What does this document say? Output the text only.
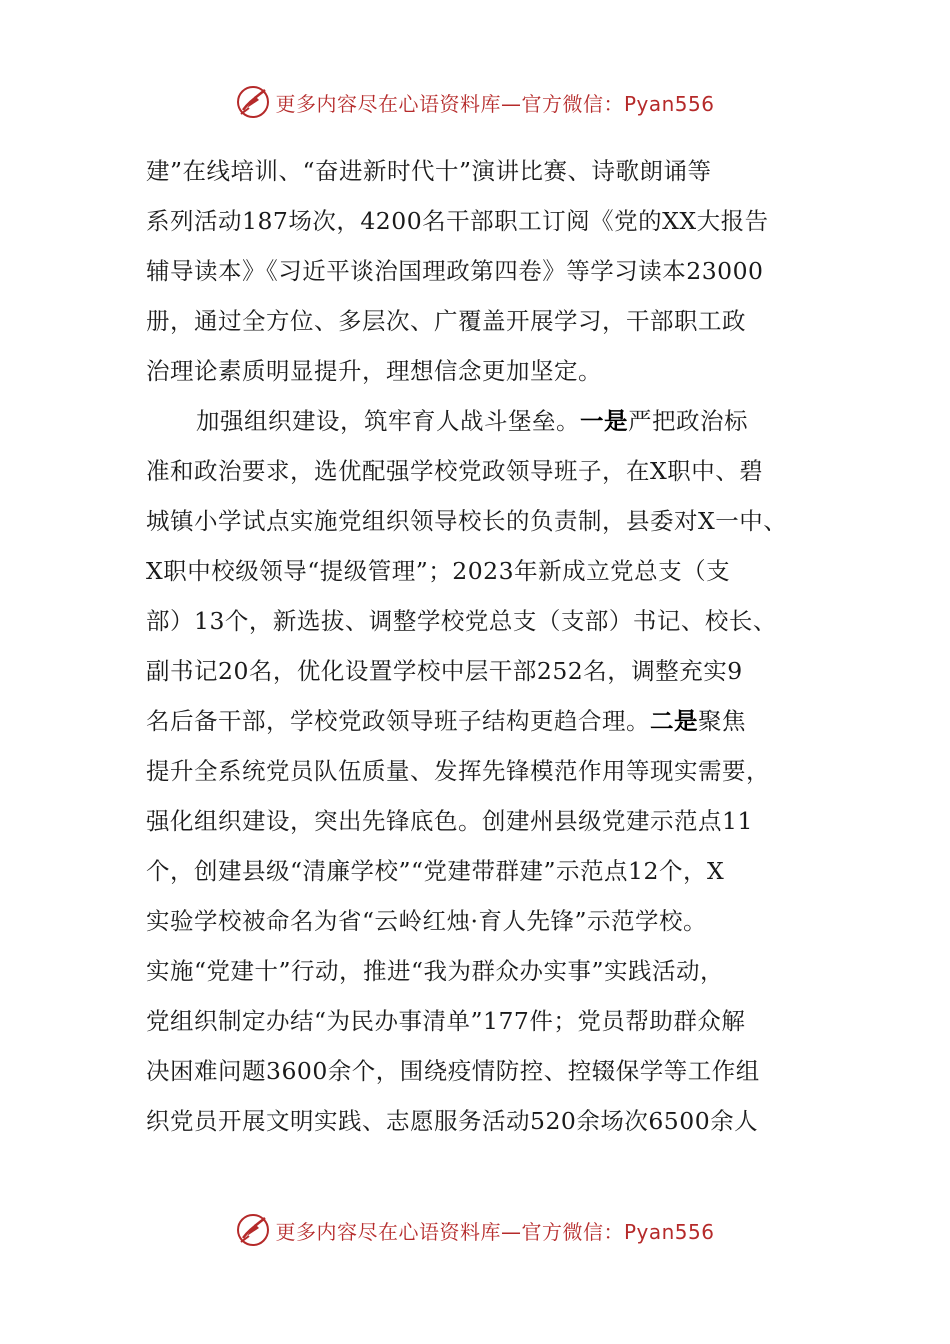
更多内容尽在心语资料库—官方微信：Pyan556
建”在线培训、“奋进新时代十”演讲比赛、诗歌朗诵等
系列活动187场次，4200名干部职工订阅《党的XX大报告
辅导读本》《习近平谈治国理政第四卷》等学习读本23000
册，通过全方位、多层次、广覆盖开展学习，干部职工政
治理论素质明显提升，理想信念更加坚定。
加强组织建设，筑牢育人战斗堡垒。一是严把政治标
准和政治要求，选优配强学校党政领导班子，在X职中、碧
城镇小学试点实施党组织领导校长的负责制，县委对X一中、
X职中校级领导“提级管理”；2023年新成立党总支（支
部）13个，新选拔、调整学校党总支（支部）书记、校长、
副书记20名，优化设置学校中层干部252名，调整充实9
名后备干部，学校党政领导班子结构更趋合理。二是聚焦
提升全系统党员队伍质量、发挥先锋模范作用等现实需要，
强化组织建设，突出先锋底色。创建州县级党建示范点11
个，创建县级“清廉学校”“党建带群建”示范点12个，X
实验学校被命名为省“云岭红烛·育人先锋”示范学校。
实施“党建十”行动，推进“我为群众办实事”实践活动，
党组织制定办结“为民办事清单”177件；党员帮助群众解
决困难问题3600余个，围绕疫情防控、控辍保学等工作组
织党员开展文明实践、志愿服务活动520余场次6500余人
更多内容尽在心语资料库—官方微信：Pyan556
